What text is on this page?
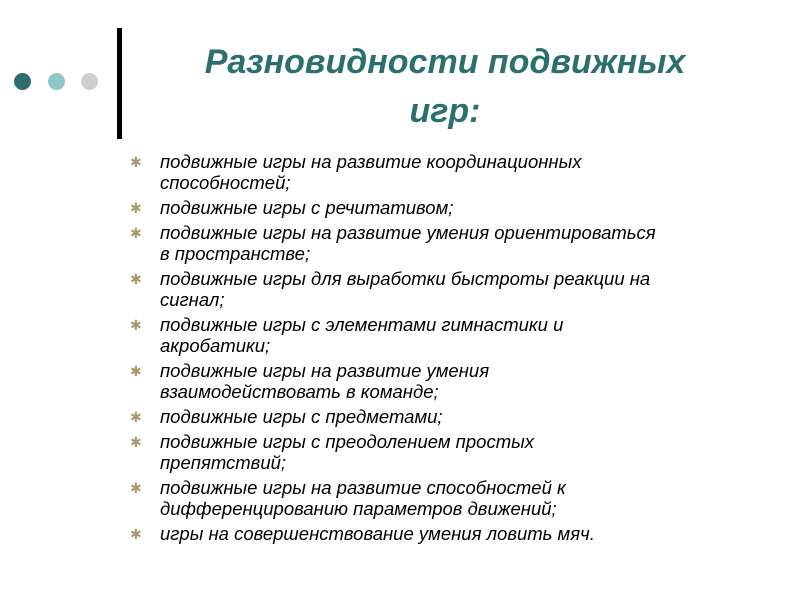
Разновидности подвижных
игр:
✱ подвижные игры на развитие координационных
способностей;
✱ подвижные игры с речитативом;
✱ подвижные игры на развитие умения ориентироваться
в пространстве;
✱ подвижные игры для выработки быстроты реакции на
сигнал;
✱ подвижные игры с элементами гимнастики и
акробатики;
✱ подвижные игры на развитие умения
взаимодействовать в команде;
✱ подвижные игры с предметами;
✱ подвижные игры с преодолением простых
препятствий;
✱ подвижные игры на развитие способностей к
дифференцированию параметров движений;
✱ игры на совершенствование умения ловить мяч.
